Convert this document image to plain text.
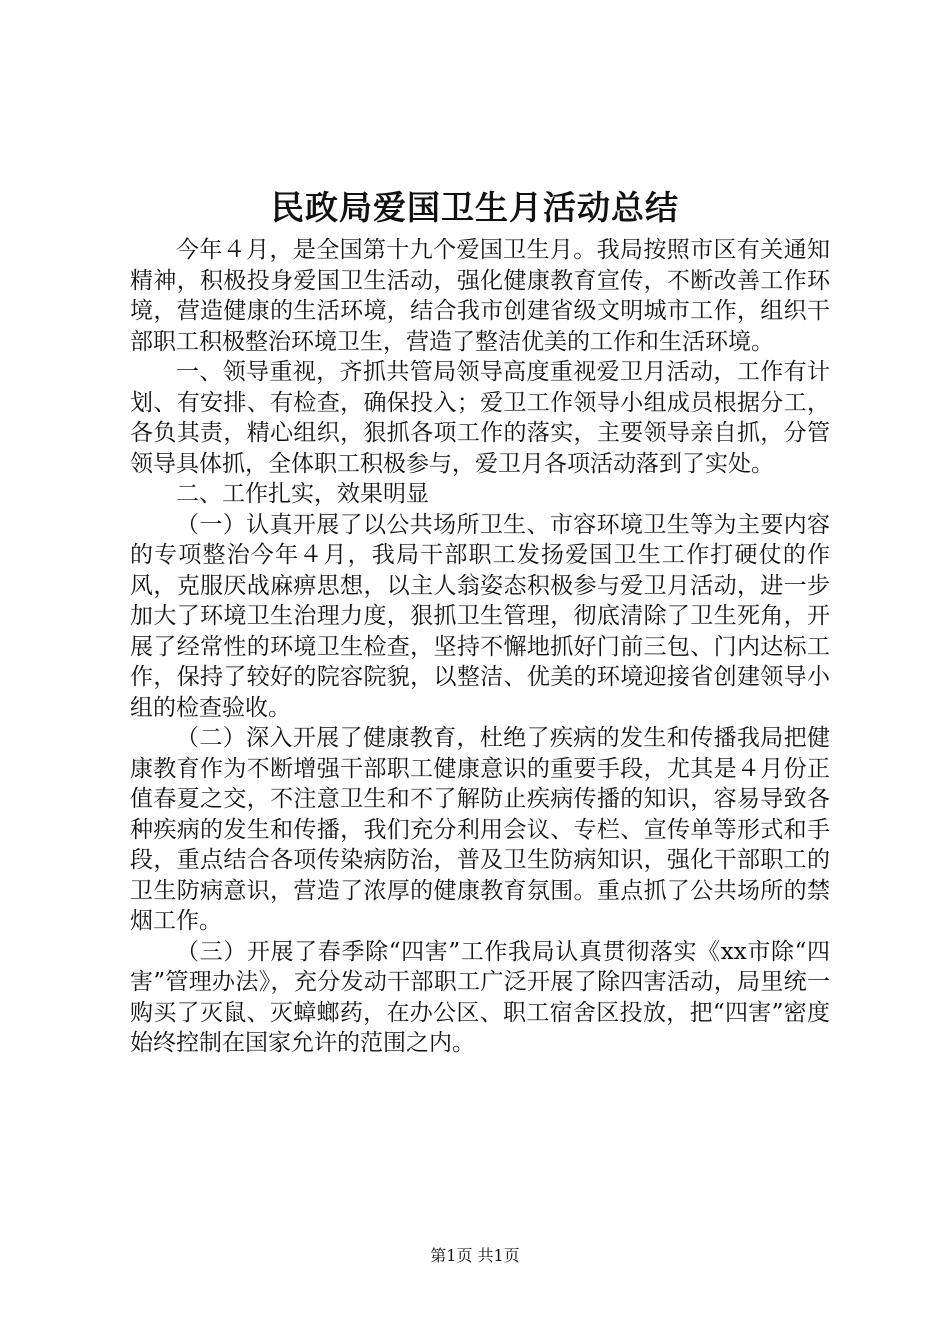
民政局爱国卫生月活动总结

今年４月，是全国第十九个爱国卫生月。我局按照市区有关通知精神，积极投身爱国卫生活动，强化健康教育宣传，不断改善工作环境，营造健康的生活环境，结合我市创建省级文明城市工作，组织干部职工积极整治环境卫生，营造了整洁优美的工作和生活环境。

一、领导重视，齐抓共管局领导高度重视爱卫月活动，工作有计划、有安排、有检查，确保投入；爱卫工作领导小组成员根据分工，各负其责，精心组织，狠抓各项工作的落实，主要领导亲自抓，分管领导具体抓，全体职工积极参与，爱卫月各项活动落到了实处。

二、工作扎实，效果明显

（一）认真开展了以公共场所卫生、市容环境卫生等为主要内容的专项整治今年４月，我局干部职工发扬爱国卫生工作打硬仗的作风，克服厌战麻痹思想，以主人翁姿态积极参与爱卫月活动，进一步加大了环境卫生治理力度，狠抓卫生管理，彻底清除了卫生死角，开展了经常性的环境卫生检查，坚持不懈地抓好门前三包、门内达标工作，保持了较好的院容院貌，以整洁、优美的环境迎接省创建领导小组的检查验收。

（二）深入开展了健康教育，杜绝了疾病的发生和传播我局把健康教育作为不断增强干部职工健康意识的重要手段，尤其是４月份正值春夏之交，不注意卫生和不了解防止疾病传播的知识，容易导致各种疾病的发生和传播，我们充分利用会议、专栏、宣传单等形式和手段，重点结合各项传染病防治，普及卫生防病知识，强化干部职工的卫生防病意识，营造了浓厚的健康教育氛围。重点抓了公共场所的禁烟工作。

（三）开展了春季除“四害”工作我局认真贯彻落实《xx市除“四害”管理办法》，充分发动干部职工广泛开展了除四害活动，局里统一购买了灭鼠、灭蟑螂药，在办公区、职工宿舍区投放，把“四害”密度始终控制在国家允许的范围之内。

第1页 共1页
